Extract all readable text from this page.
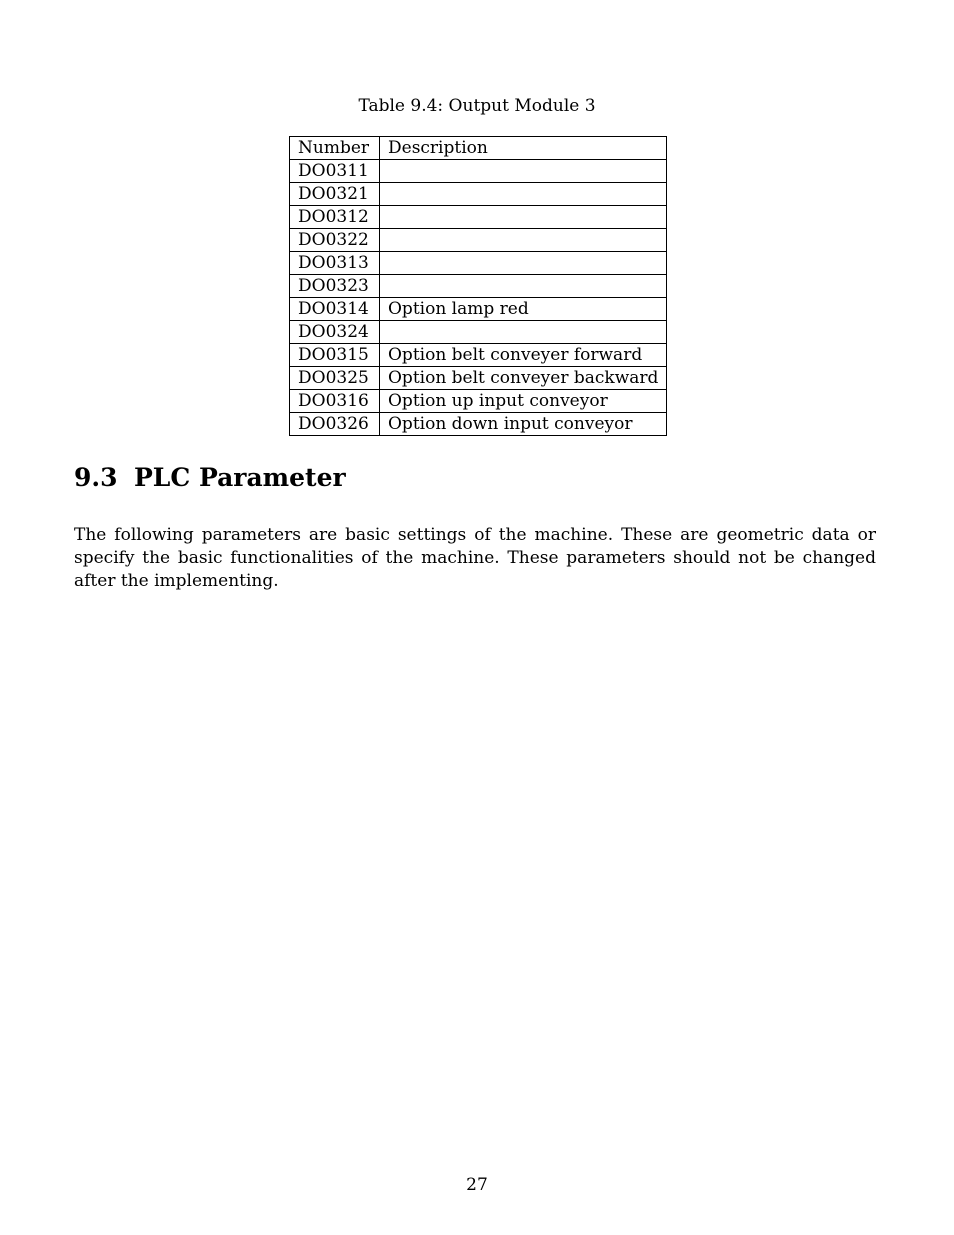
Table 9.4: Output Module 3
Number	Description
DO0311	
DO0321	
DO0312	
DO0322	
DO0313	
DO0323	
DO0314	Option lamp red
DO0324	
DO0315	Option belt conveyer forward
DO0325	Option belt conveyer backward
DO0316	Option up input conveyor
DO0326	Option down input conveyor
9.3 PLC Parameter

The following parameters are basic settings of the machine. These are geometric data or specify the basic functionalities of the machine. These parameters should not be changed after the implementing.

27
